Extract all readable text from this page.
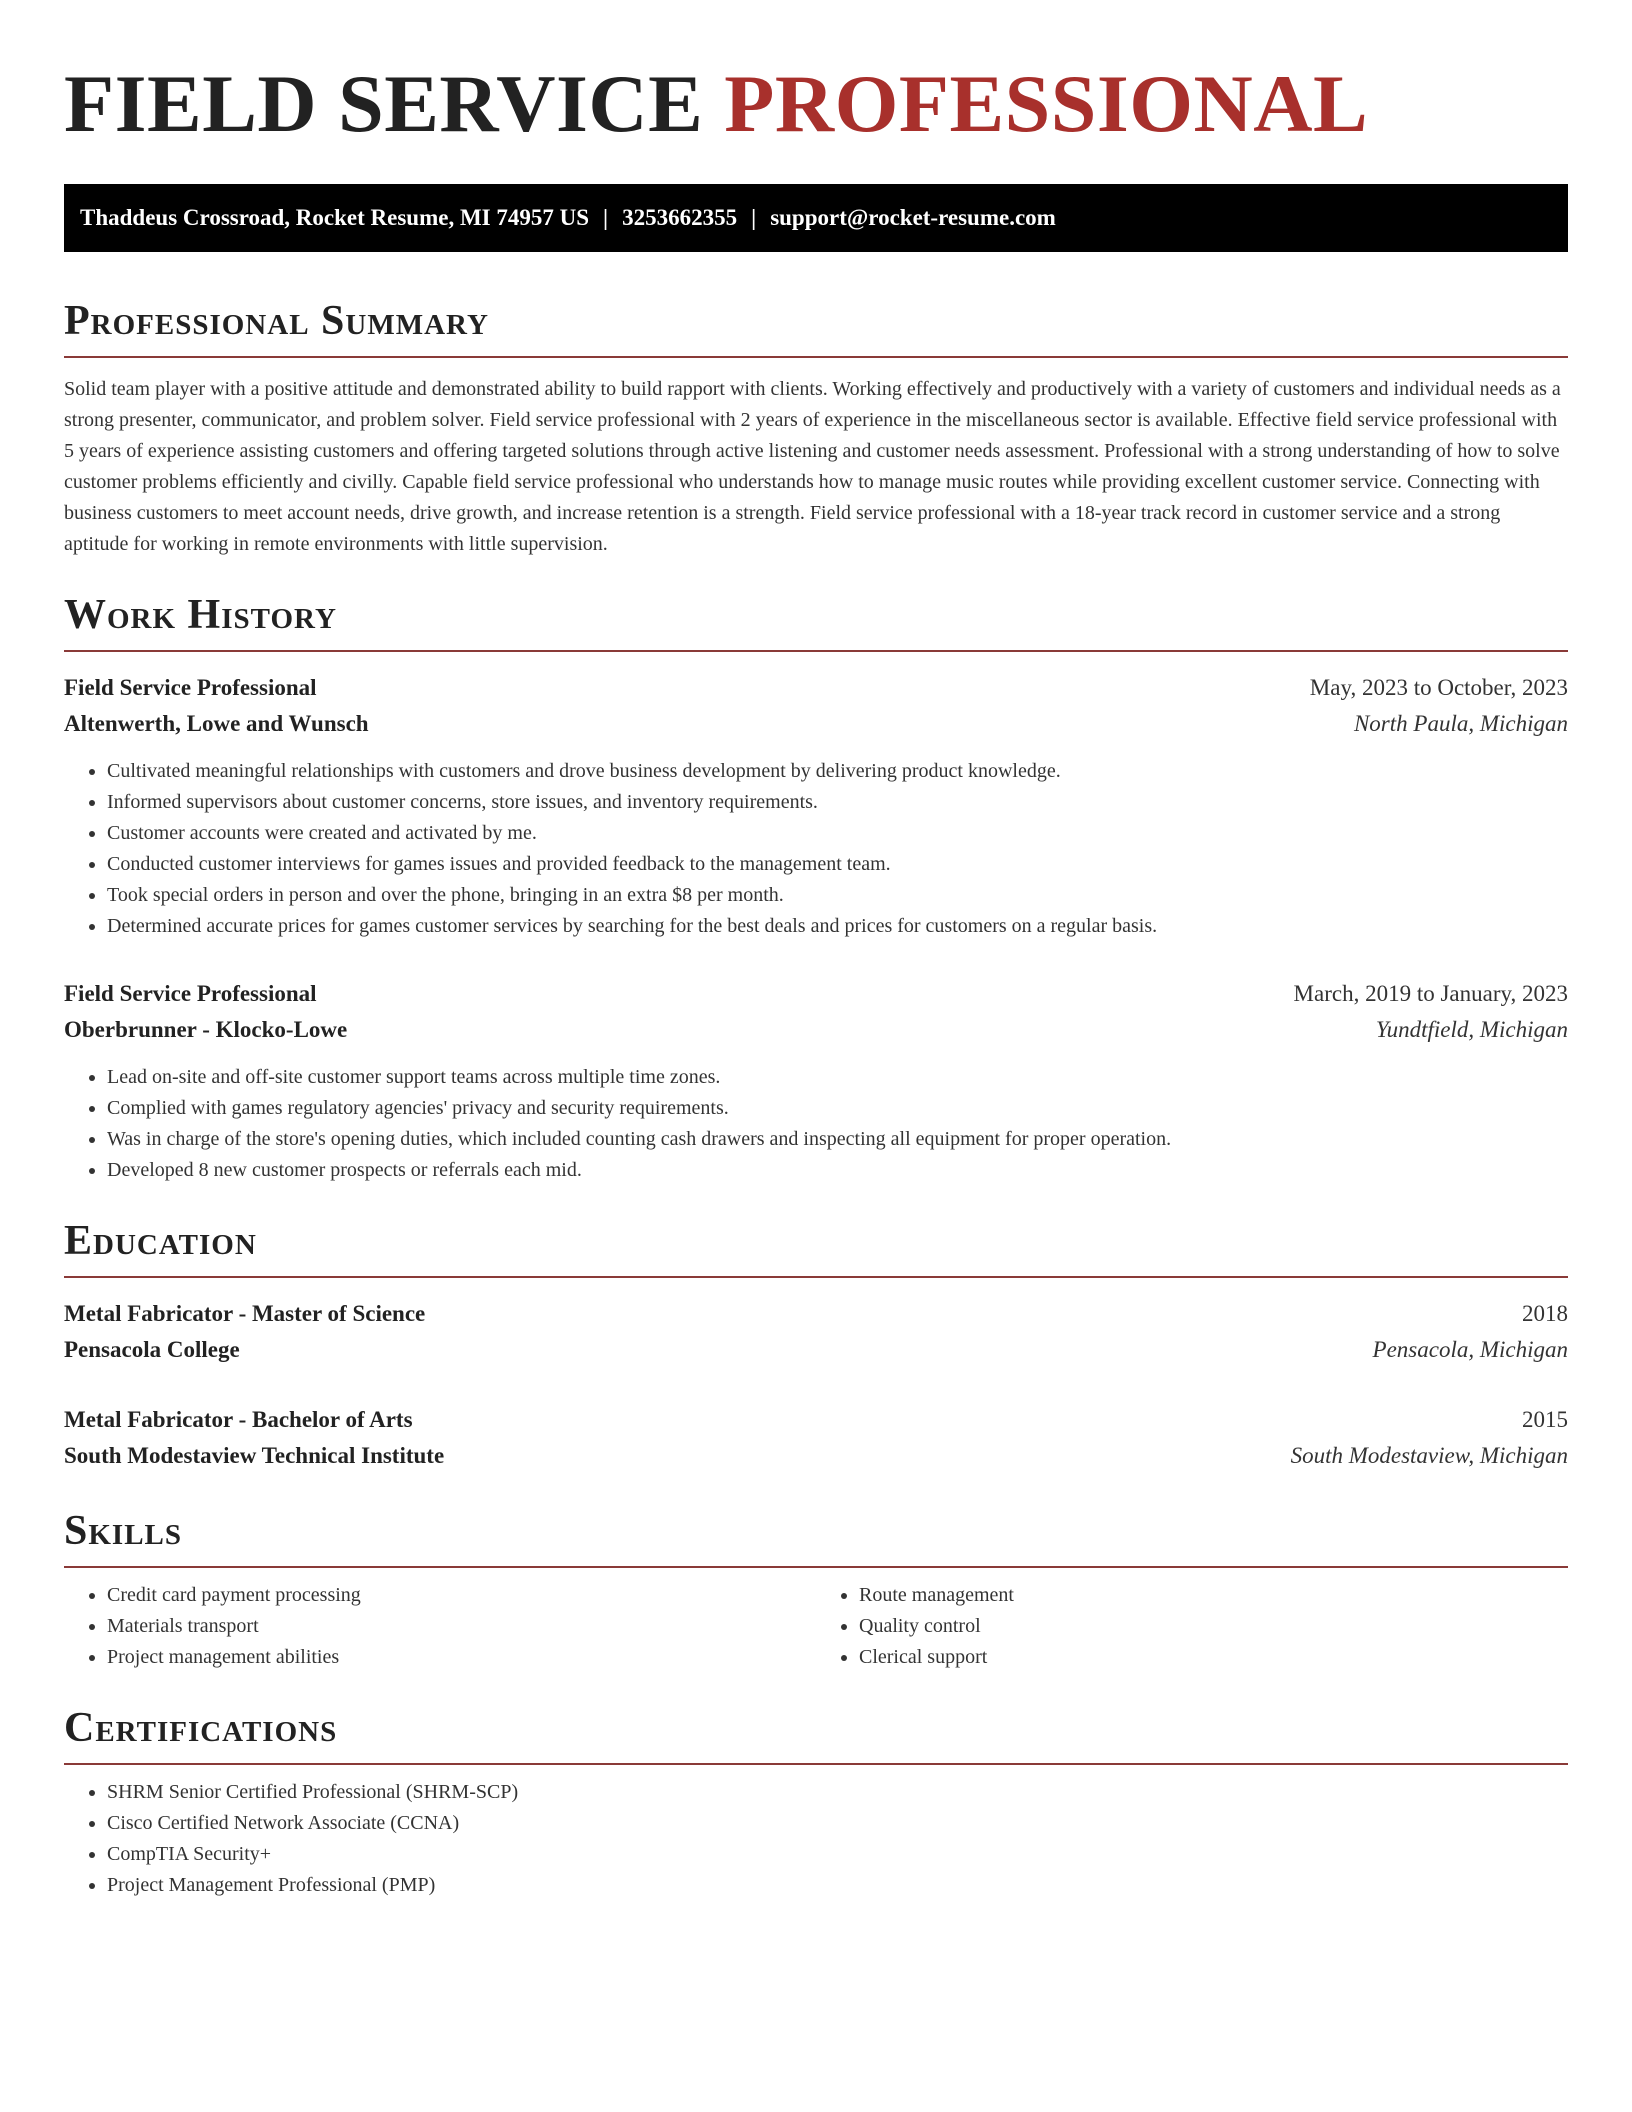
FIELD SERVICE PROFESSIONAL
Thaddeus Crossroad, Rocket Resume, MI 74957 US | 3253662355 | support@rocket-resume.com
Professional Summary

Solid team player with a positive attitude and demonstrated ability to build rapport with clients. Working effectively and productively with a variety of customers and individual needs as a strong presenter, communicator, and problem solver. Field service professional with 2 years of experience in the miscellaneous sector is available. Effective field service professional with 5 years of experience assisting customers and offering targeted solutions through active listening and customer needs assessment. Professional with a strong understanding of how to solve customer problems efficiently and civilly. Capable field service professional who understands how to manage music routes while providing excellent customer service. Connecting with business customers to meet account needs, drive growth, and increase retention is a strength. Field service professional with a 18-year track record in customer service and a strong aptitude for working in remote environments with little supervision.

Work History
Field Service Professional	May, 2023 to October, 2023
Altenwerth, Lowe and Wunsch	North Paula, Michigan
• Cultivated meaningful relationships with customers and drove business development by delivering product knowledge.
• Informed supervisors about customer concerns, store issues, and inventory requirements.
• Customer accounts were created and activated by me.
• Conducted customer interviews for games issues and provided feedback to the management team.
• Took special orders in person and over the phone, bringing in an extra $8 per month.
• Determined accurate prices for games customer services by searching for the best deals and prices for customers on a regular basis.
Field Service Professional	March, 2019 to January, 2023
Oberbrunner - Klocko-Lowe	Yundtfield, Michigan
• Lead on-site and off-site customer support teams across multiple time zones.
• Complied with games regulatory agencies' privacy and security requirements.
• Was in charge of the store's opening duties, which included counting cash drawers and inspecting all equipment for proper operation.
• Developed 8 new customer prospects or referrals each mid.
Education
Metal Fabricator - Master of Science	2018
Pensacola College	Pensacola, Michigan
Metal Fabricator - Bachelor of Arts	2015
South Modestaview Technical Institute	South Modestaview, Michigan
Skills
• Credit card payment processing
• Materials transport
• Project management abilities
• Route management
• Quality control
• Clerical support
Certifications
• SHRM Senior Certified Professional (SHRM-SCP)
• Cisco Certified Network Associate (CCNA)
• CompTIA Security+
• Project Management Professional (PMP)
